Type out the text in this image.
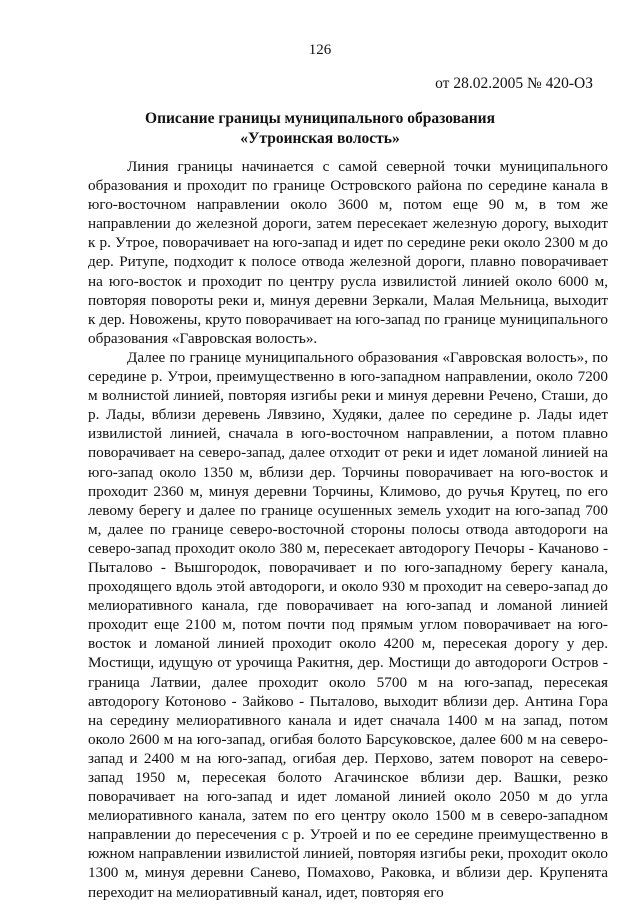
126
от 28.02.2005 № 420-ОЗ
Описание границы муниципального образования
«Утроинская волость»

Линия границы начинается с самой северной точки муниципального образования и проходит по границе Островского района по середине канала в юго-восточном направлении около 3600 м, потом еще 90 м, в том же направлении до железной дороги, затем пересекает железную дорогу, выходит к р. Утрое, поворачивает на юго-запад и идет по середине реки около 2300 м до дер. Ритупе, подходит к полосе отвода железной дороги, плавно поворачивает на юго-восток и проходит по центру русла извилистой линией около 6000 м, повторяя повороты реки и, минуя деревни Зеркали, Малая Мельница, выходит к дер. Новожены, круто поворачивает на юго-запад по границе муниципального образования «Гавровская волость».

Далее по границе муниципального образования «Гавровская волость», по середине р. Утрои, преимущественно в юго-западном направлении, около 7200 м волнистой линией, повторяя изгибы реки и минуя деревни Речено, Сташи, до р. Лады, вблизи деревень Лявзино, Худяки, далее по середине р. Лады идет извилистой линией, сначала в юго-восточном направлении, а потом плавно поворачивает на северо-запад, далее отходит от реки и идет ломаной линией на юго-запад около 1350 м, вблизи дер. Торчины поворачивает на юго-восток и проходит 2360 м, минуя деревни Торчины, Климово, до ручья Крутец, по его левому берегу и далее по границе осушенных земель уходит на юго-запад 700 м, далее по границе северо-восточной стороны полосы отвода автодороги на северо-запад проходит около 380 м, пересекает автодорогу Печоры - Качаново - Пыталово - Вышгородок, поворачивает и по юго-западному берегу канала, проходящего вдоль этой автодороги, и около 930 м проходит на северо-запад до мелиоративного канала, где поворачивает на юго-запад и ломаной линией проходит еще 2100 м, потом почти под прямым углом поворачивает на юго-восток и ломаной линией проходит около 4200 м, пересекая дорогу у дер. Мостищи, идущую от урочища Ракитня, дер. Мостищи до автодороги Остров - граница Латвии, далее проходит около 5700 м на юго-запад, пересекая автодорогу Котоново - Зайково - Пыталово, выходит вблизи дер. Антина Гора на середину мелиоративного канала и идет сначала 1400 м на запад, потом около 2600 м на юго-запад, огибая болото Барсуковское, далее 600 м на северо-запад и 2400 м на юго-запад, огибая дер. Перхово, затем поворот на северо-запад 1950 м, пересекая болото Агачинское вблизи дер. Вашки, резко поворачивает на юго-запад и идет ломаной линией около 2050 м до угла мелиоративного канала, затем по его центру около 1500 м в северо-западном направлении до пересечения с р. Утроей и по ее середине преимущественно в южном направлении извилистой линией, повторяя изгибы реки, проходит около 1300 м, минуя деревни Санево, Помахово, Раковка, и вблизи дер. Крупенята переходит на мелиоративный канал, идет, повторяя его
